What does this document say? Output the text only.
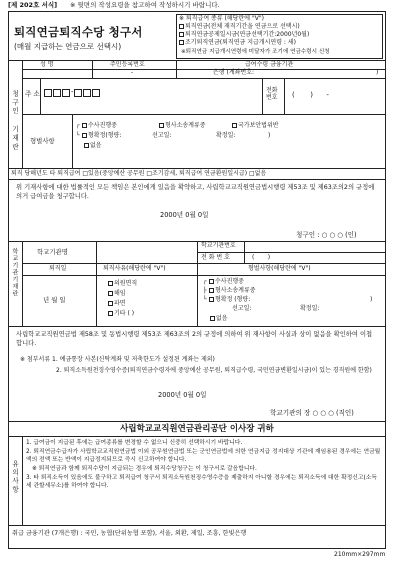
[제 202호 서식] ※ 뒷면의 작성요령을 참고하여 작성하시기 바랍니다.
퇴직연금퇴직수당 청구서
(매월 지급하는 연금으로 선택시)
※ 퇴직급여 종류 (해당란에 "V")
퇴직연금(전체 재직기간을 연금으로 선택시)
퇴직연금공제일시금(연금선택기간:2000년0월)
조기퇴직연금(퇴직연금 지급개시연령 : 세)
※퇴직연금 지급개시연령에 미달자가 조기에 연금수령시 신청
청구인 기재란
성 명	주민등록번호	급여수령 금융기관
-	은행 (계좌번호:	)
주 소	-	전화
번호 (       )      -
형벌사항
┌ 수사진행중	형사소송계류중	국가보안법위반
└ 형확정(형량:	선고일:	확정일:	)
없음
퇴직 당해년도 타 퇴직급여 □있음(중앙예산 공무원 □조기감세, 퇴직급여 연금환원일시급) □없음
위 기재사항에 대한 법률적인 모든 책임은 본인에게 있음을 확약하고, 사립학교교직원연금법시행령 제53조 및 제63조의2의 규정에 의거 급여금을 청구합니다.
2000년 0월 0일
청구인 : ○ ○ ○ (인)
학교기관기재란	학교기관명
학교기관번호
전 화 번 호	(       )
퇴직일	퇴직사유(해당란에 "V")	형벌사항(해당란에 "V")
년 월 일
의원면직
해임
파면
기타 ( )
┌ 수사진행중
├ 형사소송계류중
└ 형확정 (형량:	)
선고일:	확정일:
없음
사립학교교직원연금법 제58조 및 동법시행령 제53조 제63조의 2의 규정에 의하여 위 재사항이 사실과 상이 없음을 확인하여 이첩합니다.
※ 첨부서류 1. 예금통장 사본(신탁계좌 및 저축한도가 설정된 계좌는 제외)
2. 퇴직소득원천징수영수증(퇴직연금수령자에 중앙예산 공무원, 퇴직급수령, 국민연금변환일시금)이 있는 경직원에 한함)
2000년 0월 0일
학교기관의 장 ○ ○ ○ (직인)
사립학교교직원연금관리공단 이사장 귀하
유의사항
1. 급여금이 지급된 후에는 급여종류를 변경할 수 없으니 신중히 선택하시기 바랍니다.
2. 퇴직연금수급자가 사립학교교직원연금법 이외 공무원연금법 또는 군인연금법에 의한 연금지급 정지대상 기관에 재임용된 경우에는 연금월액의 전액 또는 반액이 지급정지되므로 즉시 신고하여야 합니다.
※ 퇴직연금과 함께 퇴직수당이 지급되는 경우에 퇴직수당청구는 이 청구서로 갈음합니다.
3. 타 퇴직소득이 있음에도 불구하고 퇴직급여 청구서 퇴직소득원천징수영수증을 제출하지 아니할 경우에는 퇴직소득에 대한 확정신고(소득세 관할세무소)를 하여야 합니다.
취급 금융기관 (7개은행) : 국민, 농협(단위농협 포함), 서울, 외환, 제일, 조흥, 한빛은행
210mm×297mm
